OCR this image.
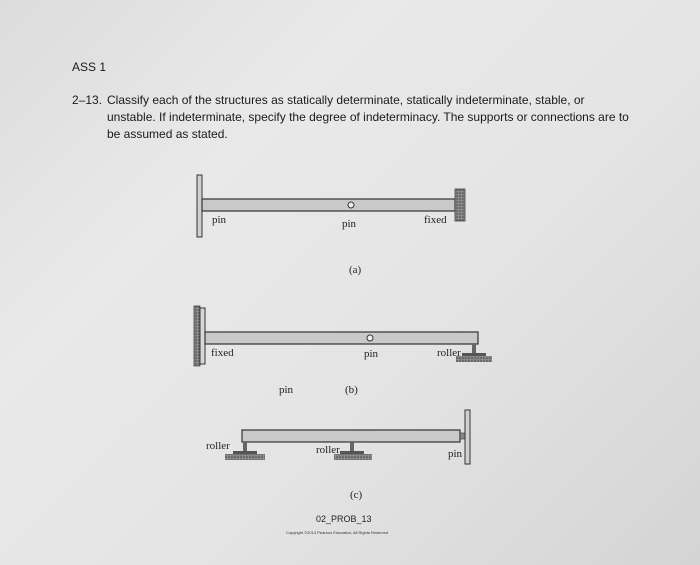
ASS 1
2–13. Classify each of the structures as statically determinate, statically indeterminate, stable, or unstable. If indeterminate, specify the degree of indeterminacy. The supports or connections are to be assumed as stated.
pin	pin	fixed
(a)
fixed	pin	roller
pin	(b)
roller	roller	pin
(c)
02_PROB_13
Copyright ©2013 Pearson Education, All Rights Reserved
